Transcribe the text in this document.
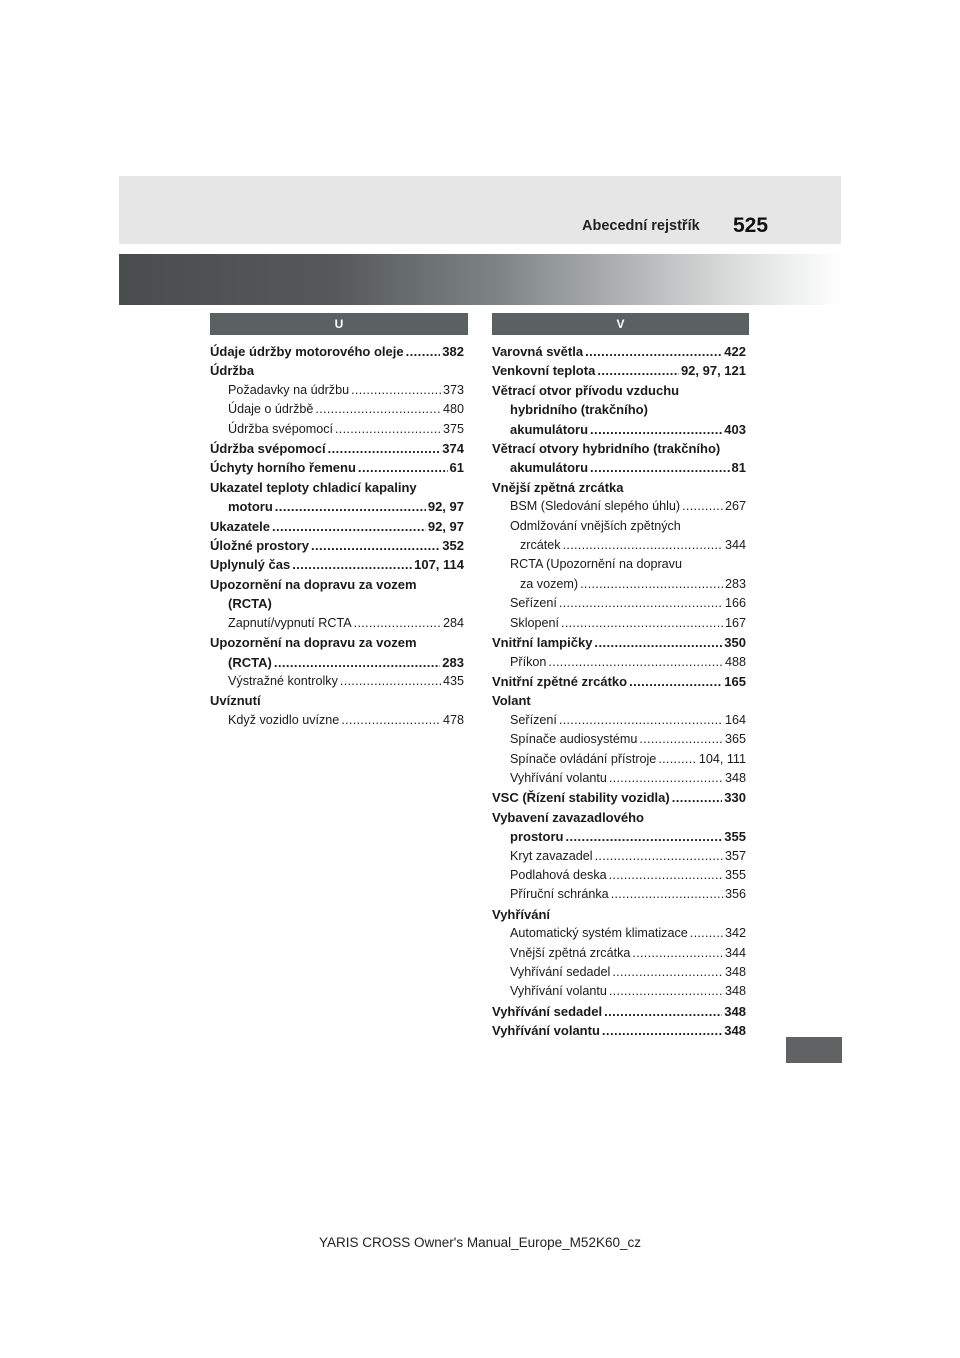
Abecední rejstřík 525
U	V
Údaje údržby motorového oleje . . .	382
Údržba
Požadavky na údržbu . . .	373
Údaje o údržbě . . .	480
Údržba svépomocí . . .	375
Údržba svépomocí . . .	374
Úchyty horního řemenu . . .	61
Ukazatel teploty chladicí kapaliny
motoru . . .	92, 97
Ukazatele . . .	92, 97
Úložné prostory . . .	352
Uplynulý čas . . .	107, 114
Upozornění na dopravu za vozem
(RCTA)
Zapnutí/vypnutí RCTA . . .	284
Upozornění na dopravu za vozem
(RCTA) . . .	283
Výstražné kontrolky . . .	435
Uvíznutí
Když vozidlo uvízne . . .	478
Varovná světla . . .	422
Venkovní teplota . . .	92, 97, 121
Větrací otvor přívodu vzduchu
hybridního (trakčního)
akumulátoru . . .	403
Větrací otvory hybridního (trakčního)
akumulátoru . . .	81
Vnější zpětná zrcátka
BSM (Sledování slepého úhlu) . . .	267
Odmlžování vnějších zpětných
zrcátek . . .	344
RCTA (Upozornění na dopravu
za vozem) . . .	283
Seřízení . . .	166
Sklopení . . .	167
Vnitřní lampičky . . .	350
Příkon . . .	488
Vnitřní zpětné zrcátko . . .	165
Volant
Seřízení . . .	164
Spínače audiosystému . . .	365
Spínače ovládání přístroje . . .	104, 111
Vyhřívání volantu . . .	348
VSC (Řízení stability vozidla) . . .	330
Vybavení zavazadlového
prostoru . . .	355
Kryt zavazadel . . .	357
Podlahová deska . . .	355
Příruční schránka . . .	356
Vyhřívání
Automatický systém klimatizace . . .	342
Vnější zpětná zrcátka . . .	344
Vyhřívání sedadel . . .	348
Vyhřívání volantu . . .	348
Vyhřívání sedadel . . .	348
Vyhřívání volantu . . .	348
YARIS CROSS Owner's Manual_Europe_M52K60_cz
